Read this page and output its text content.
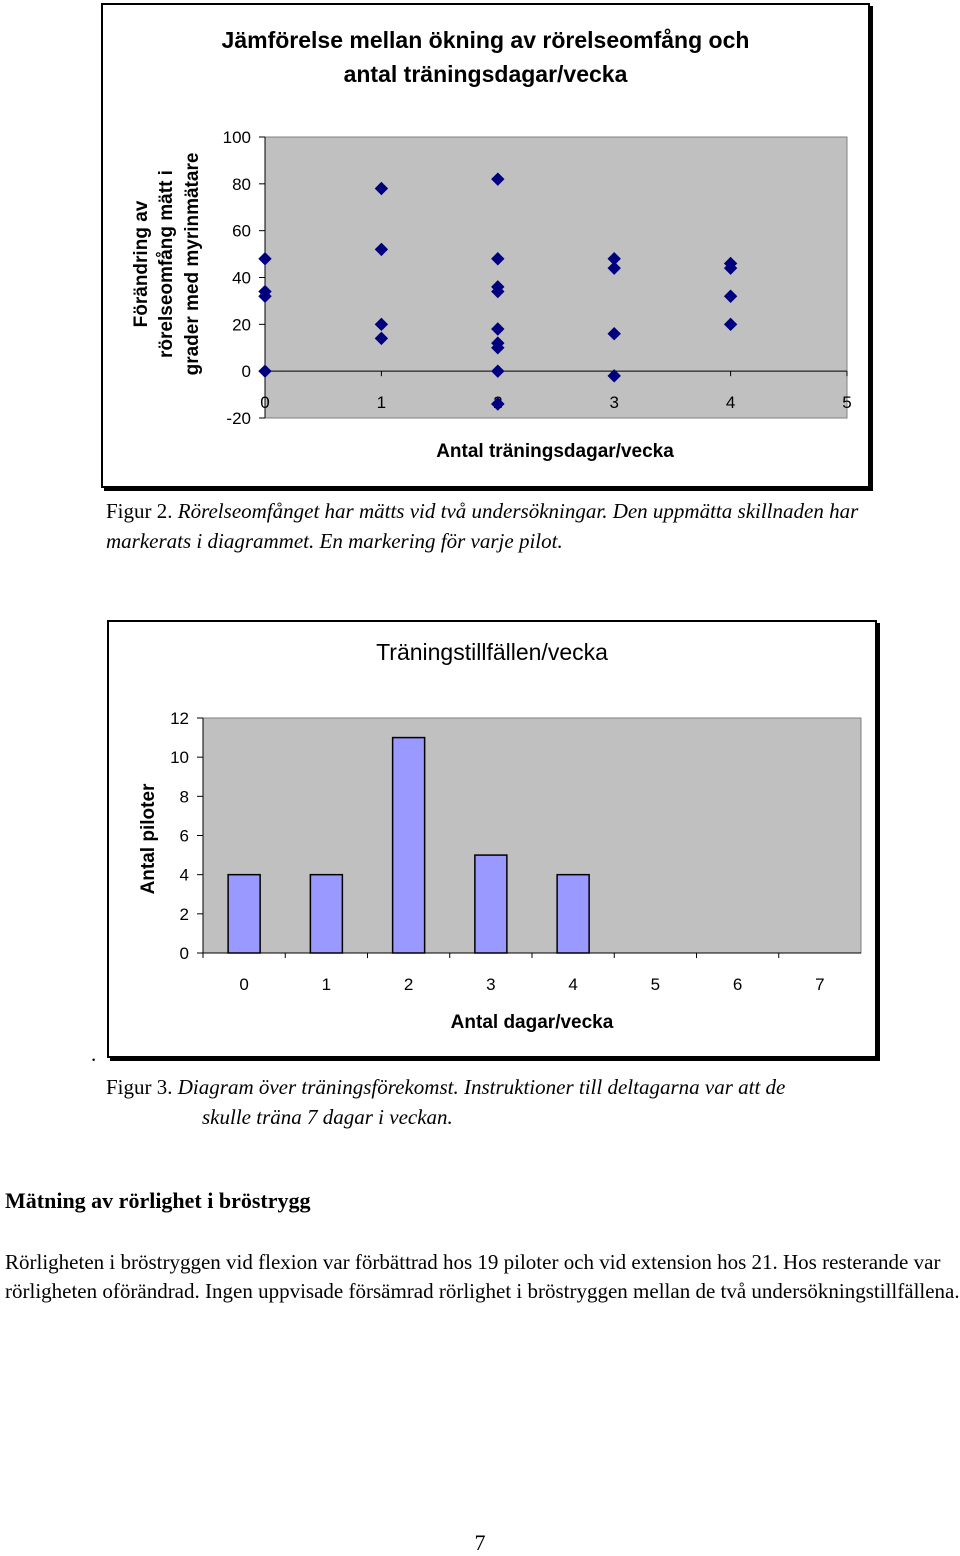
Jämförelse mellan ökning av rörelseomfång och
antal träningsdagar/vecka
Förändring av rörelseomfång mätt i grader med myrinmätare
Antal träningsdagar/vecka
100
80
60
40
20
0
-20
0	1	3	4	5
Figur 2. Rörelseomfånget har mätts vid två undersökningar. Den uppmätta skillnaden har markerats i diagrammet. En markering för varje pilot.
Träningstillfällen/vecka
Antal piloter
Antal dagar/vecka
12
10
8
6
4
2
0
0	1	2	3	4	5	6	7
.
Figur 3. Diagram över träningsförekomst. Instruktioner till deltagarna var att de
skulle träna 7 dagar i veckan.
Mätning av rörlighet i bröstrygg
Rörligheten i bröstryggen vid flexion var förbättrad hos 19 piloter och vid extension hos 21. Hos resterande var rörligheten oförändrad. Ingen uppvisade försämrad rörlighet i bröstryggen mellan de två undersökningstillfällena.
7
